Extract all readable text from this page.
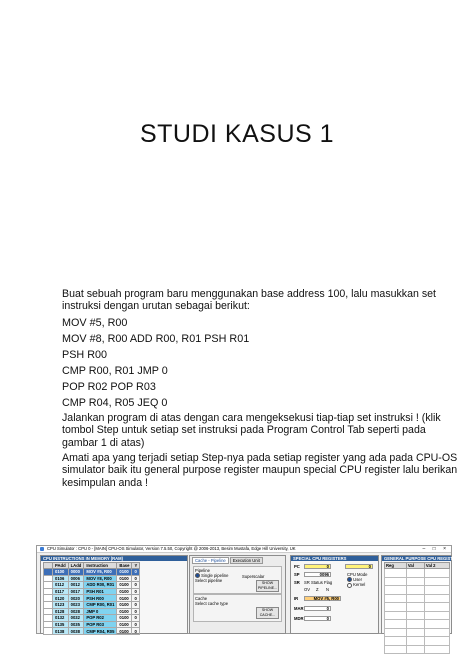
STUDI KASUS 1

Buat sebuah program baru menggunakan base address 100, lalu masukkan set instruksi dengan urutan sebagai berikut:

MOV #5, R00
MOV #8, R00 ADD R00, R01 PSH R01
PSH R00
CMP R00, R01 JMP 0
POP R02 POP R03
CMP R04, R05 JEQ 0

Jalankan program di atas dengan cara mengeksekusi tiap-tiap set instruksi ! (klik tombol Step untuk setiap set instruksi pada Program Control Tab seperti pada gambar 1 di atas)

Amati apa yang terjadi setiap Step-nya pada setiap register yang ada pada CPU-OS simulator baik itu general purpose register maupun special CPU register lalu berikan kesimpulan anda !

CPU Simulator : CPU 0 - [MAIN] CPU-OS Simulator, Version 7.5.50, Copyright @ 2006-2013, Besim Mustafa, Edge Hill University, UK	– □ ×
CPU INSTRUCTIONS IN MEMORY (RAM)
	PAdd	LAdd	Instruction	Base	Y
	0100	0000	MOV #5, R00	0100	0
	0106	0006	MOV #8, R00	0100	0
	0112	0012	ADD R00, R01	0100	0
	0117	0017	PSH R01	0100	0
	0120	0020	PSH R00	0100	0
	0123	0023	CMP R00, R01	0100	0
	0128	0028	JMP 0	0100	0
	0132	0032	POP R02	0100	0
	0135	0035	POP R03	0100	0
	0138	0038	CMP R04, R05	0100	0
Cache - Pipeline	Execution Unit
Pipeline
Single pipeline
Select pipeline
Superscalar
SHOW PIPELINE...
Cache
Select cache type
SHOW CACHE...
SPECIAL CPU REGISTERS
PC	0
SP	0096
SR SR Status Flag
OV Z N
IR	MOV #5, R00
MAR	0
MDR	0
0
CPU Mode
User
Kernel
GENERAL PURPOSE CPU REGISTERS
Reg	Val	Val 2
